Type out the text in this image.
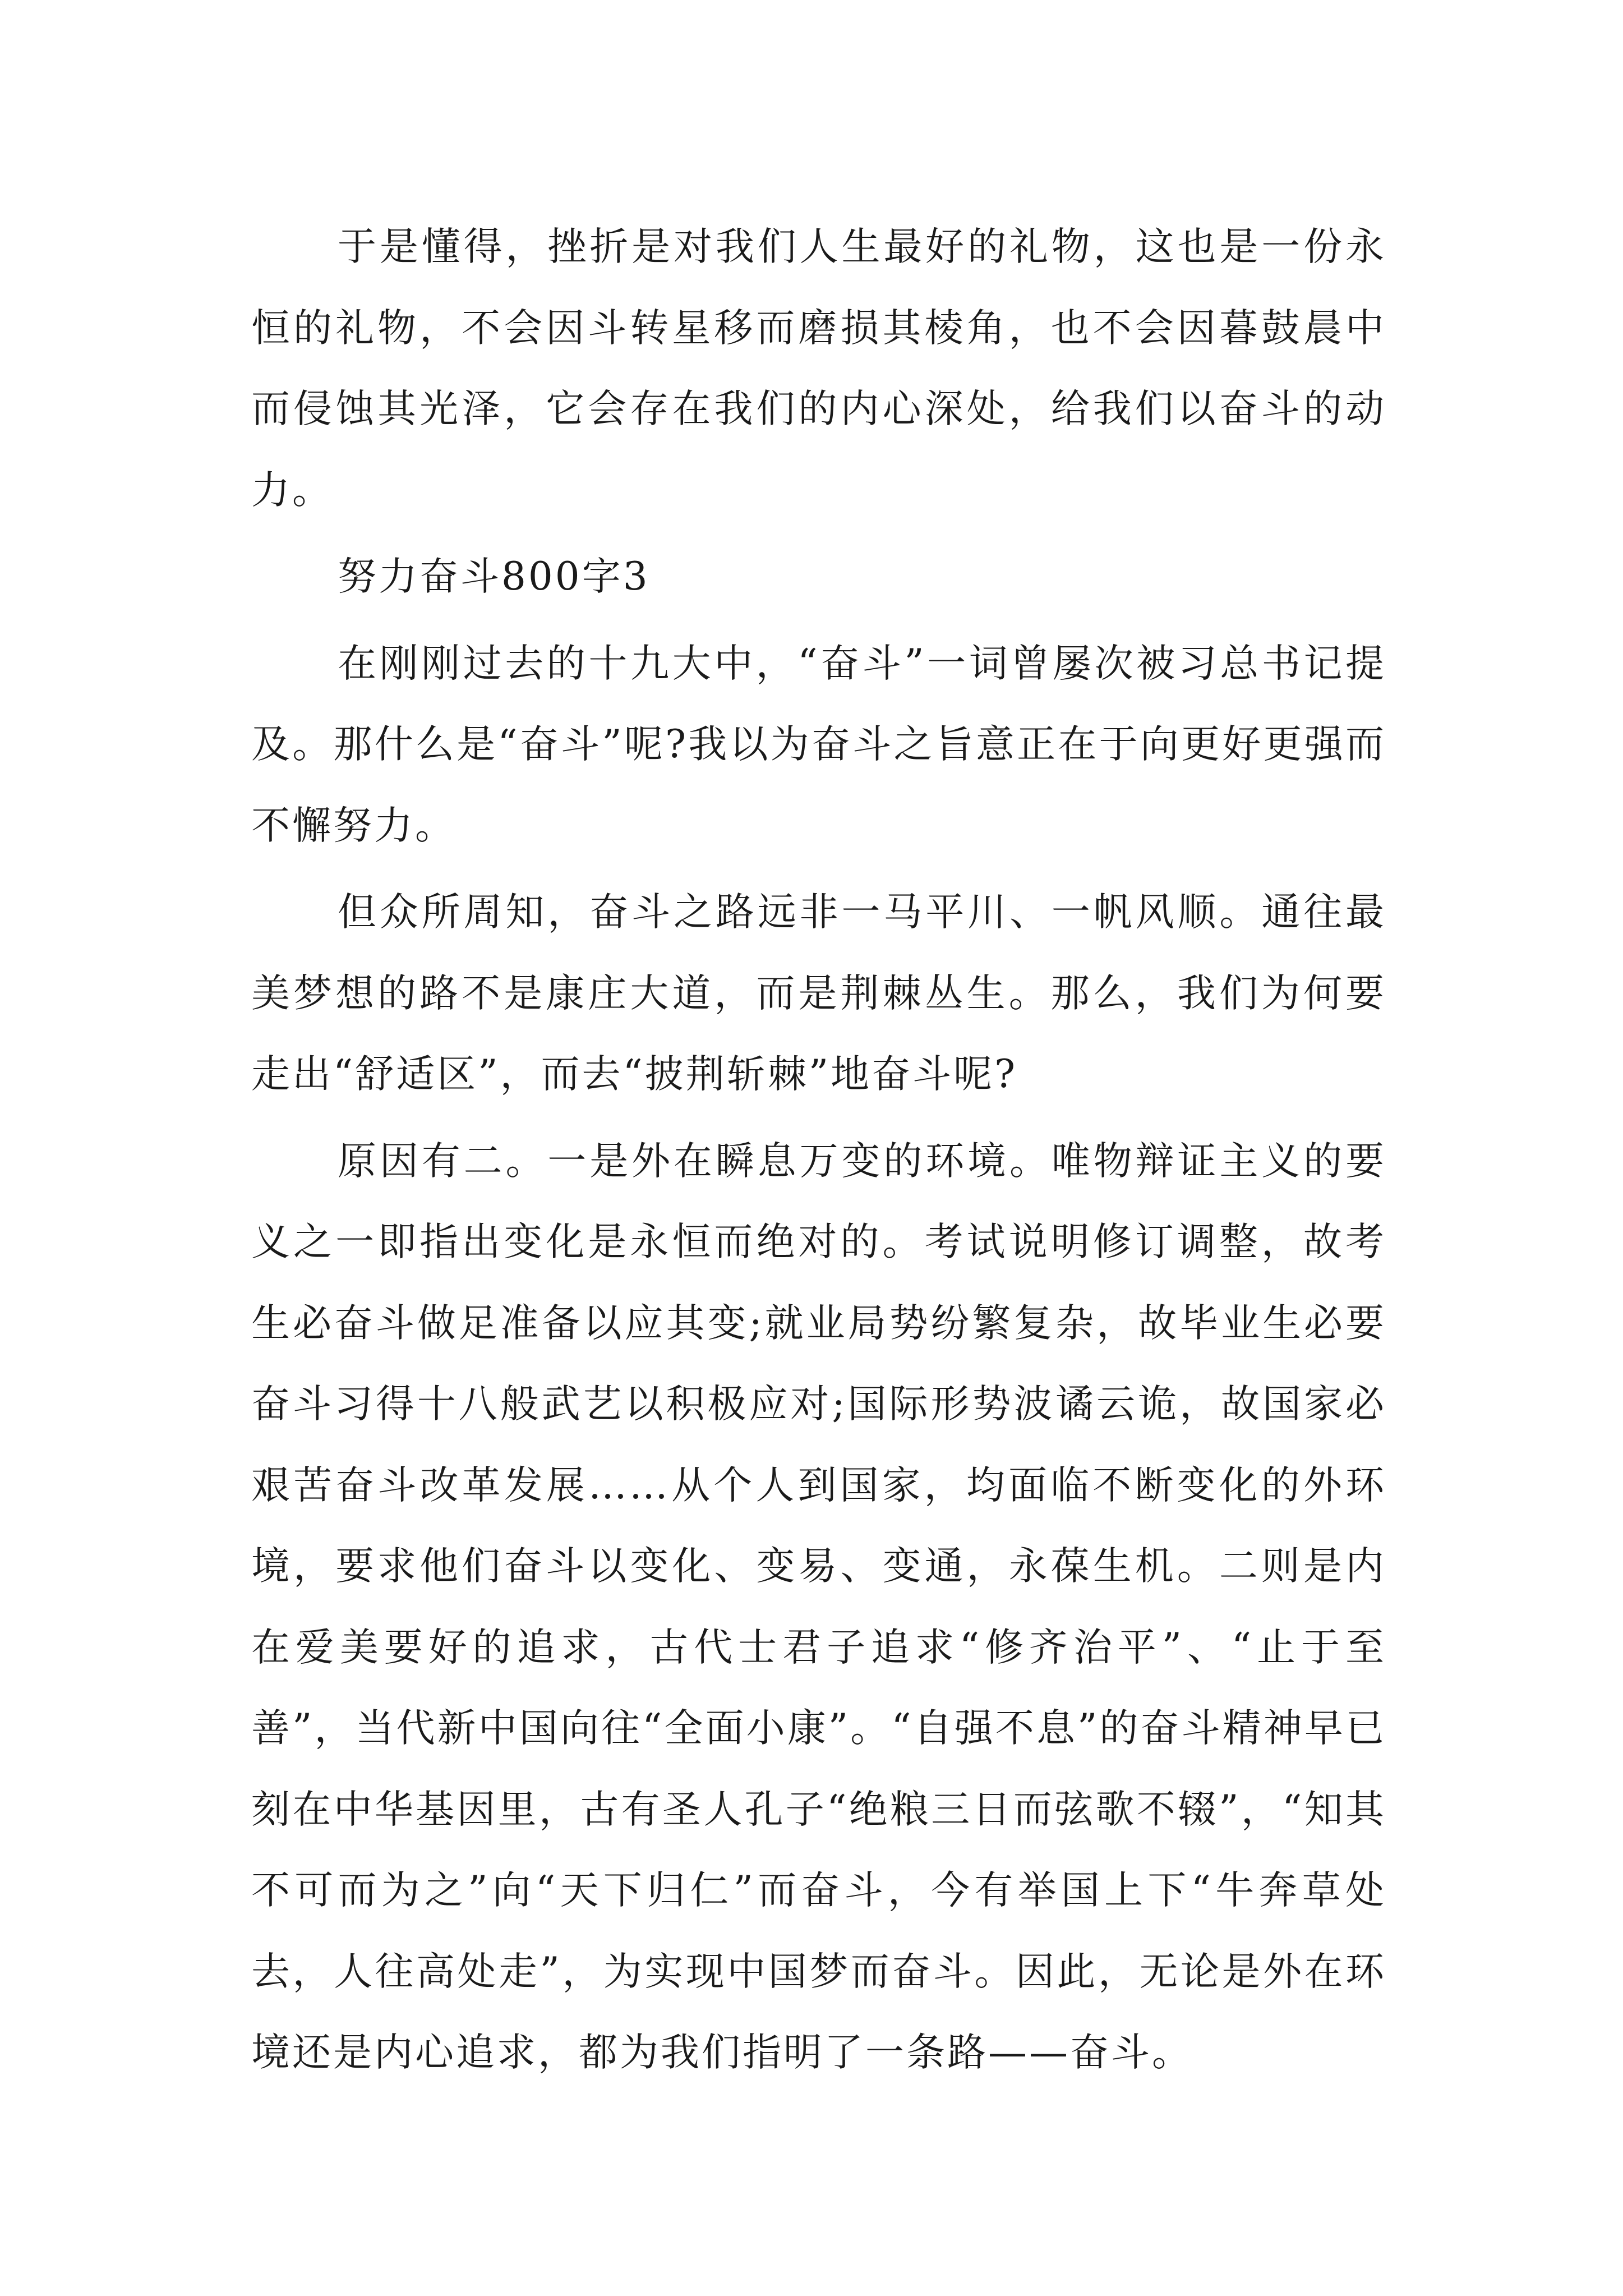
于是懂得，挫折是对我们人生最好的礼物，这也是一份永恒的礼物，不会因斗转星移而磨损其棱角，也不会因暮鼓晨中而侵蚀其光泽，它会存在我们的内心深处，给我们以奋斗的动力。

努力奋斗800字3

在刚刚过去的十九大中，“奋斗”一词曾屡次被习总书记提及。那什么是“奋斗”呢?我以为奋斗之旨意正在于向更好更强而不懈努力。

但众所周知，奋斗之路远非一马平川、一帆风顺。通往最美梦想的路不是康庄大道，而是荆棘丛生。那么，我们为何要走出“舒适区”，而去“披荆斩棘”地奋斗呢?

原因有二。一是外在瞬息万变的环境。唯物辩证主义的要义之一即指出变化是永恒而绝对的。考试说明修订调整，故考生必奋斗做足准备以应其变;就业局势纷繁复杂，故毕业生必要奋斗习得十八般武艺以积极应对;国际形势波谲云诡，故国家必艰苦奋斗改革发展……从个人到国家，均面临不断变化的外环境，要求他们奋斗以变化、变易、变通，永葆生机。二则是内在爱美要好的追求，古代士君子追求“修齐治平”、“止于至善”，当代新中国向往“全面小康”。“自强不息”的奋斗精神早已刻在中华基因里，古有圣人孔子“绝粮三日而弦歌不辍”，“知其不可而为之”向“天下归仁”而奋斗，今有举国上下“牛奔草处去，人往高处走”，为实现中国梦而奋斗。因此，无论是外在环境还是内心追求，都为我们指明了一条路——奋斗。
